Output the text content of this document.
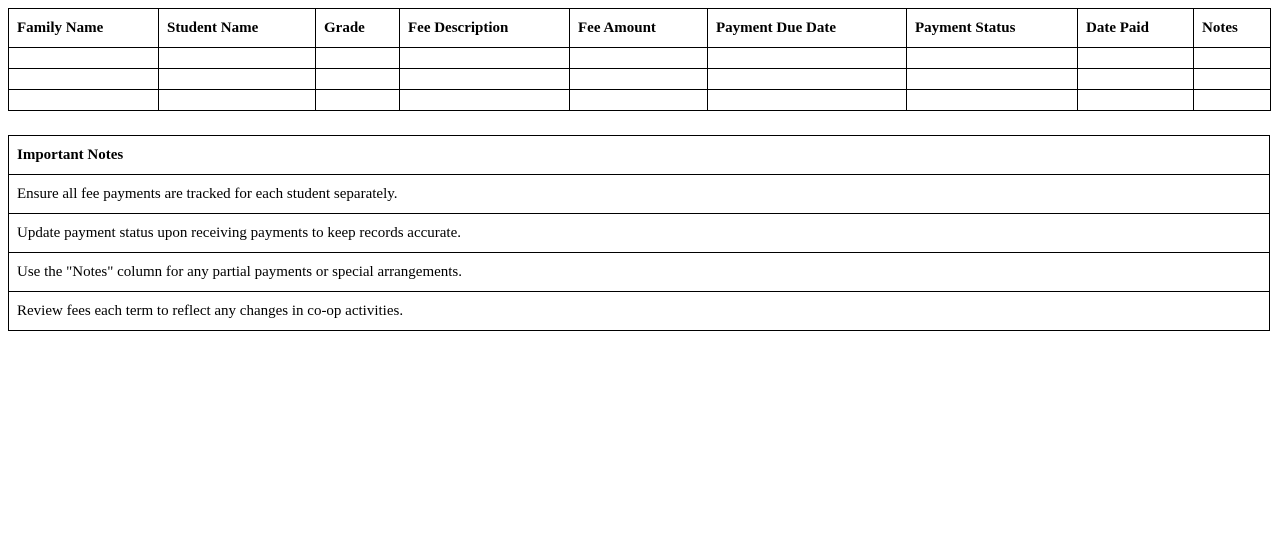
Family Name	Student Name	Grade	Fee Description	Fee Amount	Payment Due Date	Payment Status	Date Paid	Notes

Important Notes
Ensure all fee payments are tracked for each student separately.
Update payment status upon receiving payments to keep records accurate.
Use the "Notes" column for any partial payments or special arrangements.
Review fees each term to reflect any changes in co-op activities.
